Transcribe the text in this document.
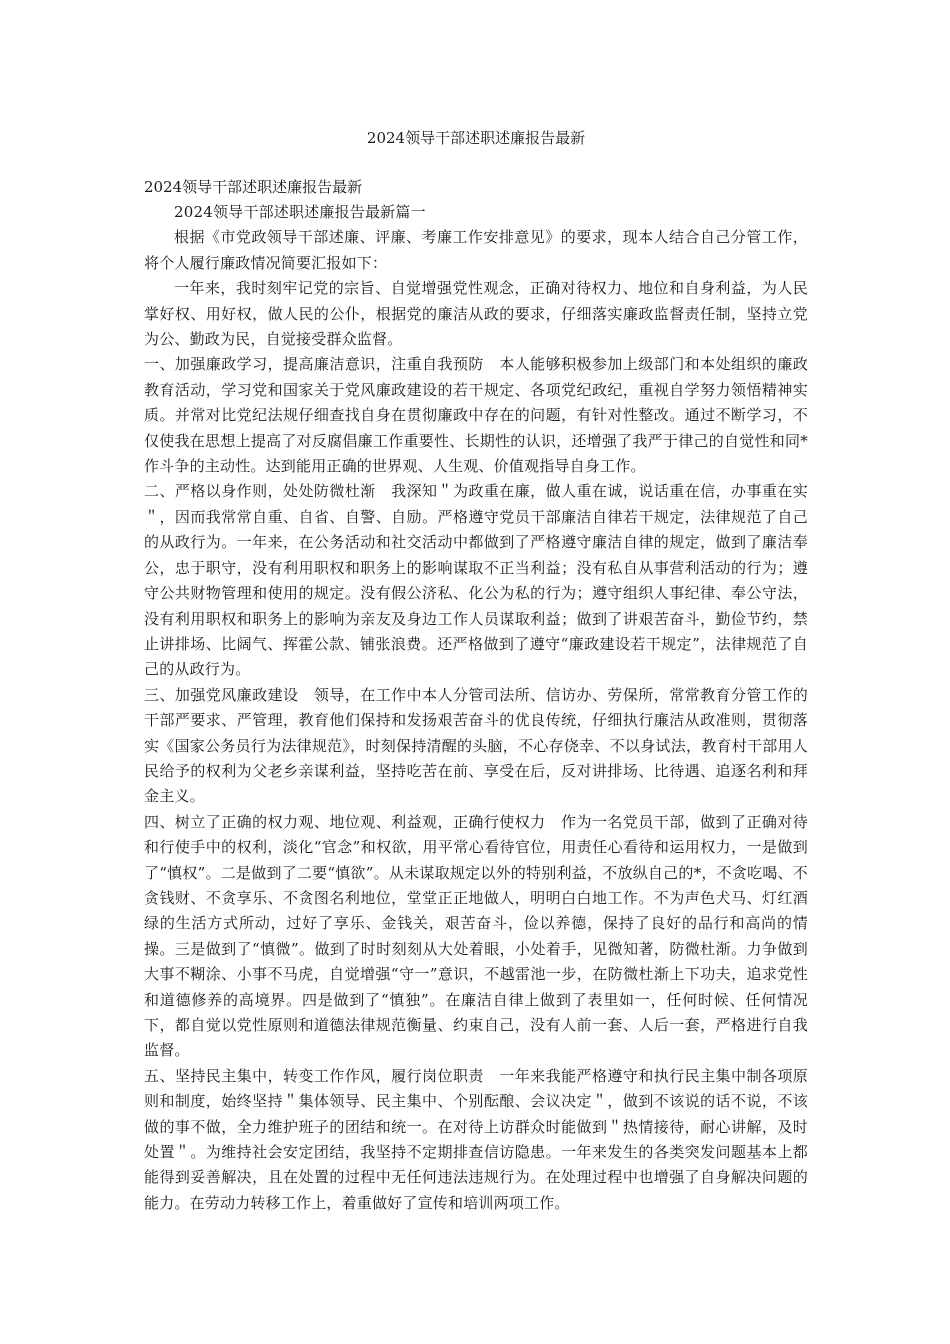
2024领导干部述职述廉报告最新

2024领导干部述职述廉报告最新

2024领导干部述职述廉报告最新篇一

根据《市党政领导干部述廉、评廉、考廉工作安排意见》的要求，现本人结合自己分管工作，将个人履行廉政情况简要汇报如下：

一年来，我时刻牢记党的宗旨、自觉增强党性观念，正确对待权力、地位和自身利益，为人民掌好权、用好权，做人民的公仆，根据党的廉洁从政的要求，仔细落实廉政监督责任制，坚持立党为公、勤政为民，自觉接受群众监督。

一、加强廉政学习，提高廉洁意识，注重自我预防　本人能够积极参加上级部门和本处组织的廉政教育活动，学习党和国家关于党风廉政建设的若干规定、各项党纪政纪，重视自学努力领悟精神实质。并常对比党纪法规仔细查找自身在贯彻廉政中存在的问题，有针对性整改。通过不断学习，不仅使我在思想上提高了对反腐倡廉工作重要性、长期性的认识，还增强了我严于律己的自觉性和同*作斗争的主动性。达到能用正确的世界观、人生观、价值观指导自身工作。

二、严格以身作则，处处防微杜渐　我深知＂为政重在廉，做人重在诚，说话重在信，办事重在实＂，因而我常常自重、自省、自警、自励。严格遵守党员干部廉洁自律若干规定，法律规范了自己的从政行为。一年来，在公务活动和社交活动中都做到了严格遵守廉洁自律的规定，做到了廉洁奉公，忠于职守，没有利用职权和职务上的影响谋取不正当利益；没有私自从事营利活动的行为；遵守公共财物管理和使用的规定。没有假公济私、化公为私的行为；遵守组织人事纪律、奉公守法，没有利用职权和职务上的影响为亲友及身边工作人员谋取利益；做到了讲艰苦奋斗，勤俭节约，禁止讲排场、比阔气、挥霍公款、铺张浪费。还严格做到了遵守“廉政建设若干规定”，法律规范了自己的从政行为。

三、加强党风廉政建设　领导，在工作中本人分管司法所、信访办、劳保所，常常教育分管工作的干部严要求、严管理，教育他们保持和发扬艰苦奋斗的优良传统，仔细执行廉洁从政准则，贯彻落实《国家公务员行为法律规范》，时刻保持清醒的头脑，不心存侥幸、不以身试法，教育村干部用人民给予的权利为父老乡亲谋利益，坚持吃苦在前、享受在后，反对讲排场、比待遇、追逐名利和拜金主义。

四、树立了正确的权力观、地位观、利益观，正确行使权力　作为一名党员干部，做到了正确对待和行使手中的权利，淡化“官念”和权欲，用平常心看待官位，用责任心看待和运用权力，一是做到了“慎权”。二是做到了二要“慎欲”。从未谋取规定以外的特别利益，不放纵自己的*，不贪吃喝、不贪钱财、不贪享乐、不贪图名利地位，堂堂正正地做人，明明白白地工作。不为声色犬马、灯红酒绿的生活方式所动，过好了享乐、金钱关，艰苦奋斗，俭以养德，保持了良好的品行和高尚的情操。三是做到了“慎微”。做到了时时刻刻从大处着眼，小处着手，见微知著，防微杜渐。力争做到大事不糊涂、小事不马虎，自觉增强“守一”意识，不越雷池一步，在防微杜渐上下功夫，追求党性和道德修养的高境界。四是做到了“慎独”。在廉洁自律上做到了表里如一，任何时候、任何情况下，都自觉以党性原则和道德法律规范衡量、约束自己，没有人前一套、人后一套，严格进行自我监督。

五、坚持民主集中，转变工作作风，履行岗位职责　一年来我能严格遵守和执行民主集中制各项原则和制度，始终坚持＂集体领导、民主集中、个别酝酿、会议决定＂，做到不该说的话不说，不该做的事不做，全力维护班子的团结和统一。在对待上访群众时能做到＂热情接待，耐心讲解，及时处置＂。为维持社会安定团结，我坚持不定期排查信访隐患。一年来发生的各类突发问题基本上都能得到妥善解决，且在处置的过程中无任何违法违规行为。在处理过程中也增强了自身解决问题的能力。在劳动力转移工作上，着重做好了宣传和培训两项工作。
